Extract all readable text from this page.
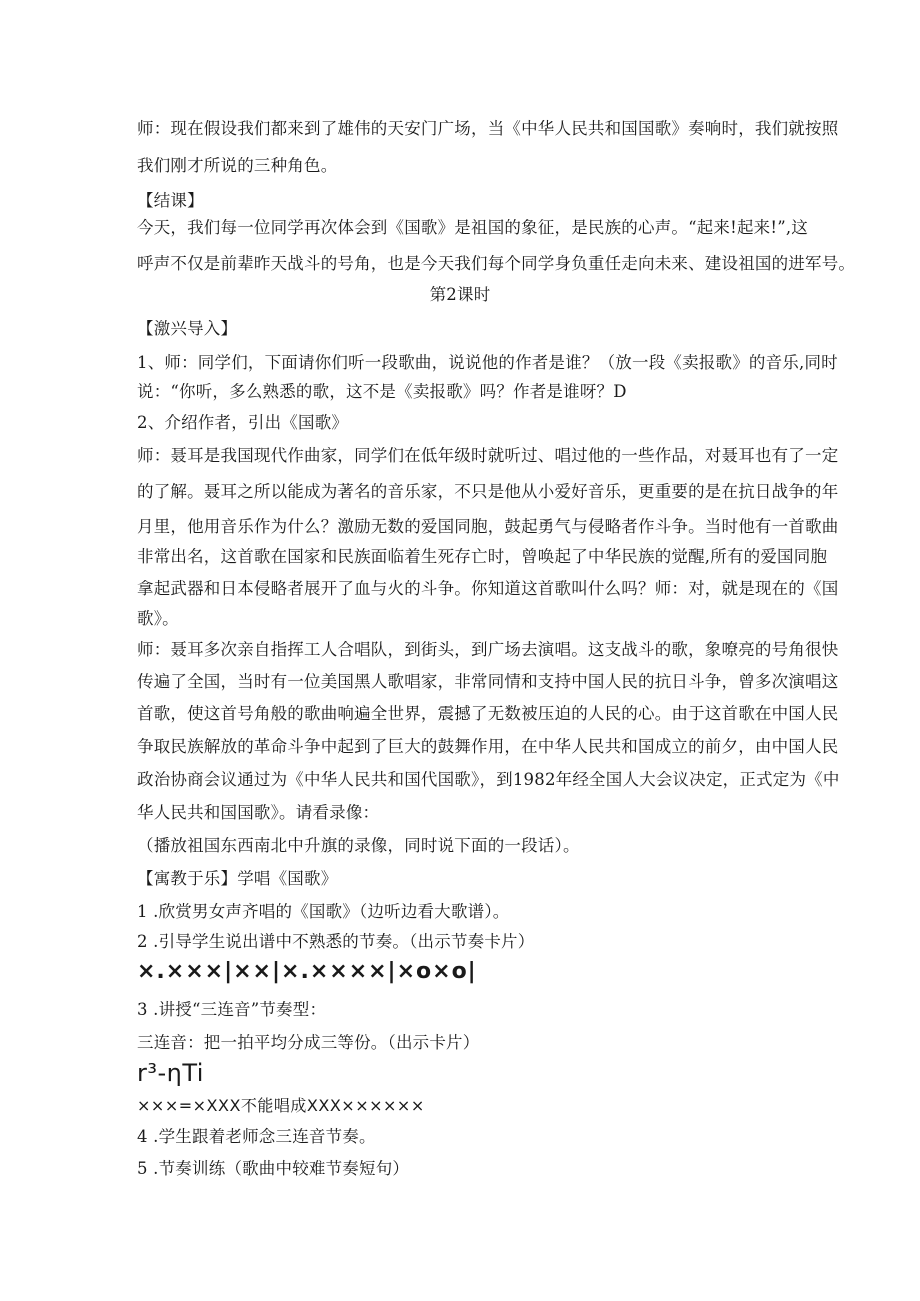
师：现在假设我们都来到了雄伟的天安门广场，当《中华人民共和国国歌》奏响时，我们就按照
我们刚才所说的三种角色。
【结课】
今天，我们每一位同学再次体会到《国歌》是祖国的象征，是民族的心声。“起来!起来!”,这
呼声不仅是前辈昨天战斗的号角，也是今天我们每个同学身负重任走向未来、建设祖国的进军号。
第2课时
【激兴导入】
1、师：同学们，下面请你们听一段歌曲，说说他的作者是谁？（放一段《卖报歌》的音乐,同时
说：“你听，多么熟悉的歌，这不是《卖报歌》吗？作者是谁呀？D
2、介绍作者，引出《国歌》
师：聂耳是我国现代作曲家，同学们在低年级时就听过、唱过他的一些作品，对聂耳也有了一定
的了解。聂耳之所以能成为著名的音乐家，不只是他从小爱好音乐，更重要的是在抗日战争的年
月里，他用音乐作为什么？激励无数的爱国同胞，鼓起勇气与侵略者作斗争。当时他有一首歌曲
非常出名，这首歌在国家和民族面临着生死存亡时，曾唤起了中华民族的觉醒,所有的爱国同胞
拿起武器和日本侵略者展开了血与火的斗争。你知道这首歌叫什么吗？师：对，就是现在的《国
歌》。
师：聂耳多次亲自指挥工人合唱队，到街头，到广场去演唱。这支战斗的歌，象嘹亮的号角很快
传遍了全国，当时有一位美国黑人歌唱家，非常同情和支持中国人民的抗日斗争，曾多次演唱这
首歌，使这首号角般的歌曲响遍全世界，震撼了无数被压迫的人民的心。由于这首歌在中国人民
争取民族解放的革命斗争中起到了巨大的鼓舞作用，在中华人民共和国成立的前夕，由中国人民
政治协商会议通过为《中华人民共和国代国歌》，到1982年经全国人大会议决定，正式定为《中
华人民共和国国歌》。请看录像：
（播放祖国东西南北中升旗的录像，同时说下面的一段话）。
【寓教于乐】学唱《国歌》
1 .欣赏男女声齐唱的《国歌》（边听边看大歌谱）。
2 .引导学生说出谱中不熟悉的节奏。（出示节奏卡片）
×.×××|××|×.××××|×o×o|
3 .讲授“三连音”节奏型：
三连音：把一拍平均分成三等份。（出示卡片）
r³-ηTi
×××=×XXX不能唱成XXX××××××
4 .学生跟着老师念三连音节奏。
5 .节奏训练（歌曲中较难节奏短句）
